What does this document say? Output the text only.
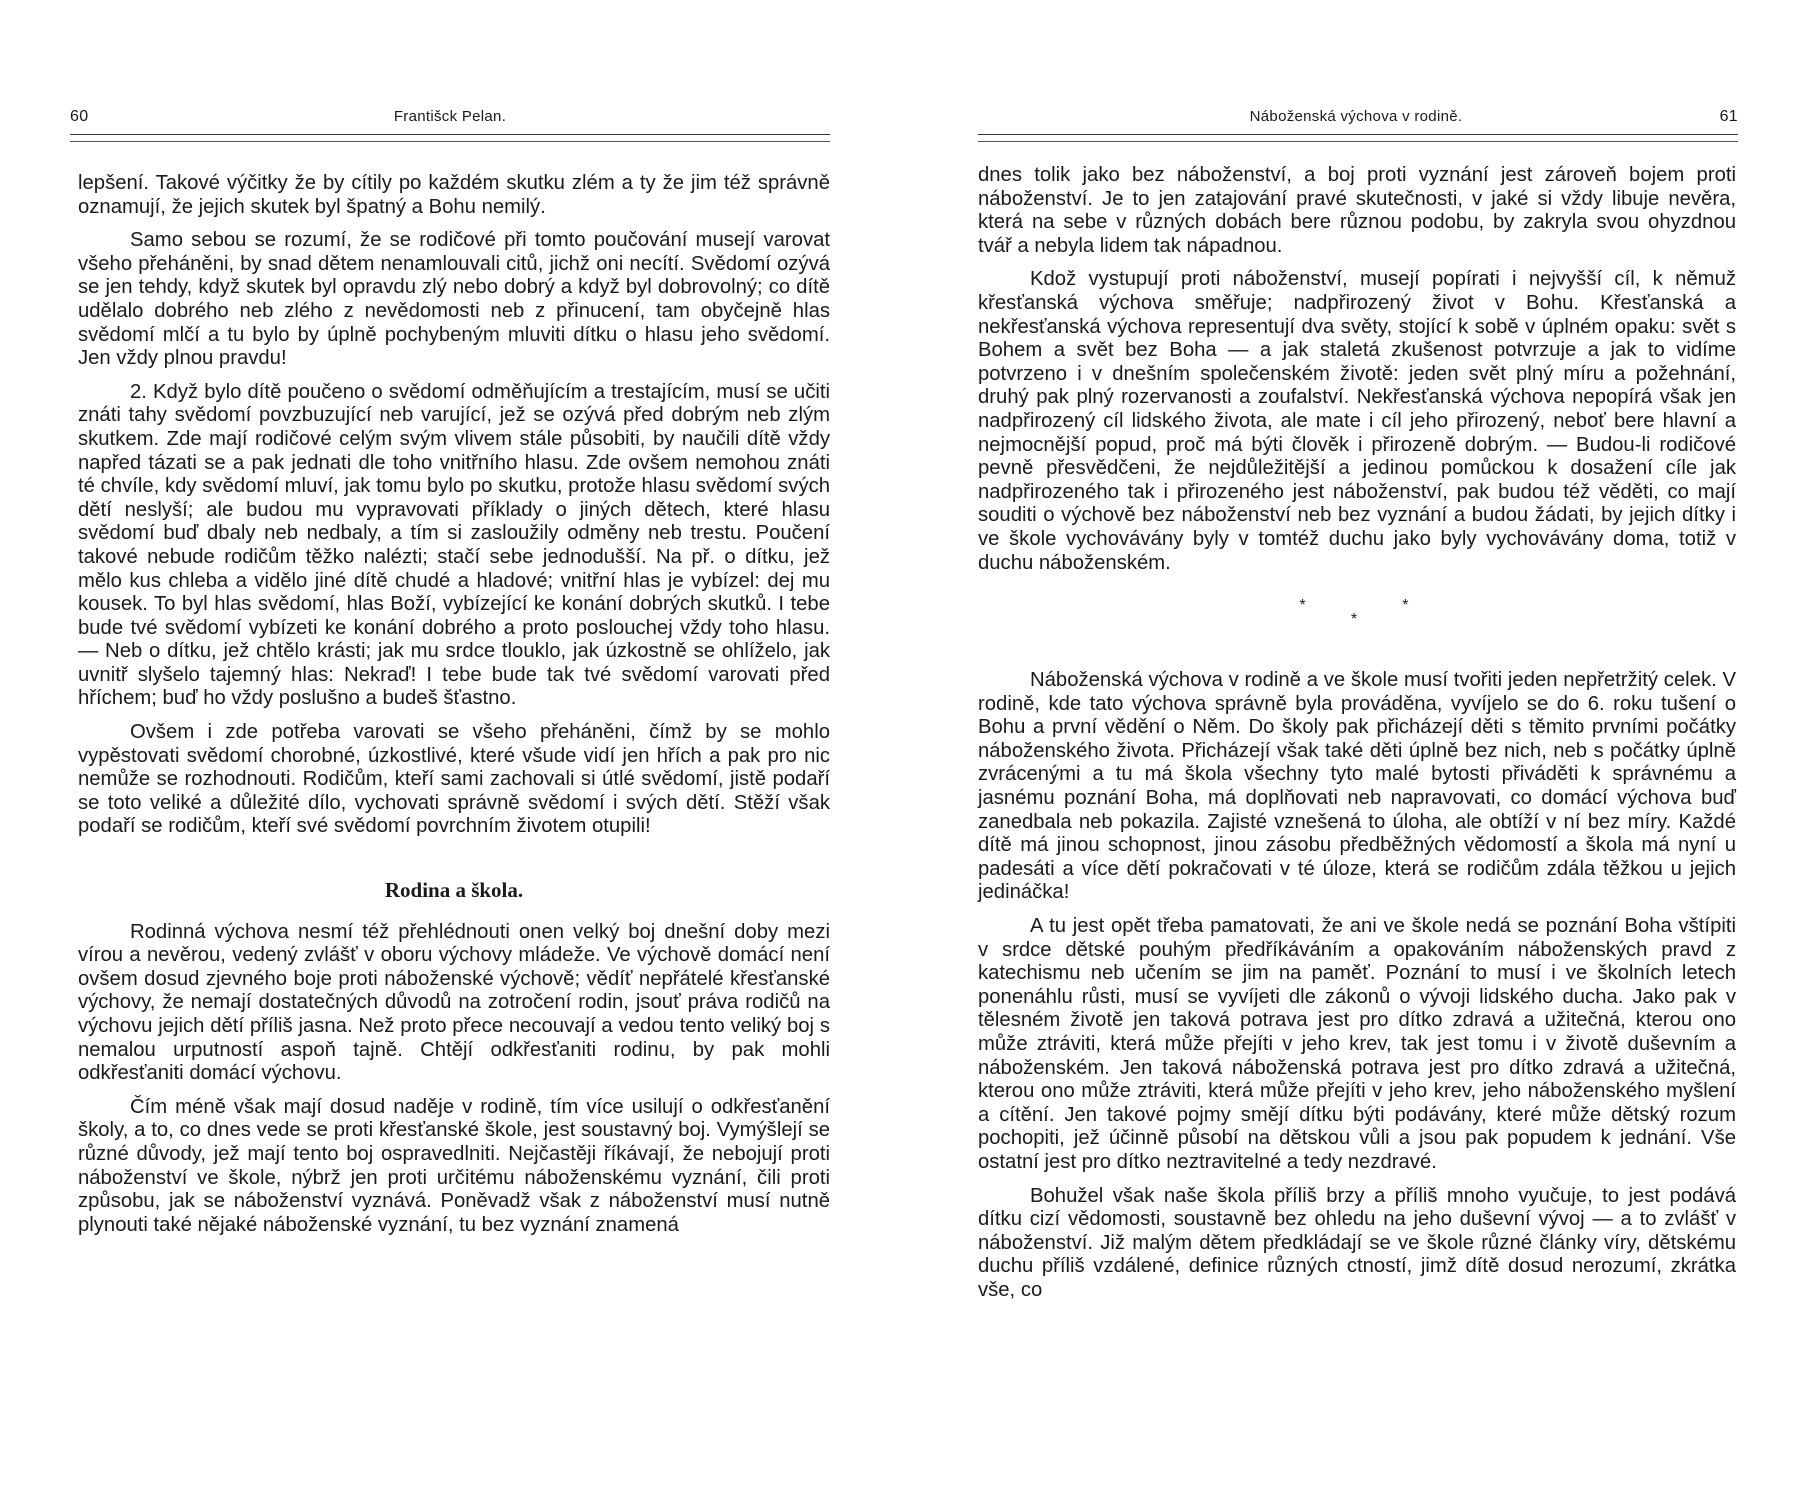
60	Františck Pelan.

lepšení. Takové výčitky že by cítily po každém skutku zlém a ty že jim též správně oznamují, že jejich skutek byl špatný a Bohu nemilý.

Samo sebou se rozumí, že se rodičové při tomto poučování musejí varovat všeho přeháněni, by snad dětem nenamlouvali citů, jichž oni necítí. Svědomí ozývá se jen tehdy, když skutek byl opravdu zlý nebo dobrý a když byl dobrovolný; co dítě udělalo dobrého neb zlého z nevědomosti neb z přinucení, tam obyčejně hlas svědomí mlčí a tu bylo by úplně pochybeným mluviti dítku o hlasu jeho svědomí. Jen vždy plnou pravdu!

2. Když bylo dítě poučeno o svědomí odměňujícím a trestajícím, musí se učiti znáti tahy svědomí povzbuzující neb varující, jež se ozývá před dobrým neb zlým skutkem. Zde mají rodičové celým svým vlivem stále působiti, by naučili dítě vždy napřed tázati se a pak jednati dle toho vnitřního hlasu. Zde ovšem nemohou znáti té chvíle, kdy svědomí mluví, jak tomu bylo po skutku, protože hlasu svědomí svých dětí neslyší; ale budou mu vypravovati příklady o jiných dětech, které hlasu svědomí buď dbaly neb nedbaly, a tím si zasloužily odměny neb trestu. Poučení takové nebude rodičům těžko nalézti; stačí sebe jednodušší. Na př. o dítku, jež mělo kus chleba a vidělo jiné dítě chudé a hladové; vnitřní hlas je vybízel: dej mu kousek. To byl hlas svědomí, hlas Boží, vybízející ke konání dobrých skutků. I tebe bude tvé svědomí vybízeti ke konání dobrého a proto poslouchej vždy toho hlasu. — Neb o dítku, jež chtělo krásti; jak mu srdce tlouklo, jak úzkostně se ohlíželo, jak uvnitř slyšelo tajemný hlas: Nekraď! I tebe bude tak tvé svědomí varovati před hříchem; buď ho vždy poslušno a budeš šťastno.

Ovšem i zde potřeba varovati se všeho přeháněni, čímž by se mohlo vypěstovati svědomí chorobné, úzkostlivé, které všude vidí jen hřích a pak pro nic nemůže se rozhodnouti. Rodičům, kteří sami zachovali si útlé svědomí, jistě podaří se toto veliké a důležité dílo, vychovati správně svědomí i svých dětí. Stěží však podaří se rodičům, kteří své svědomí povrchním životem otupili!

Rodina a škola.

Rodinná výchova nesmí též přehlédnouti onen velký boj dnešní doby mezi vírou a nevěrou, vedený zvlášť v oboru výchovy mládeže. Ve výchově domácí není ovšem dosud zjevného boje proti náboženské výchově; vědíť nepřátelé křesťanské výchovy, že nemají dostatečných důvodů na zotročení rodin, jsouť práva rodičů na výchovu jejich dětí příliš jasna. Než proto přece necouvají a vedou tento veliký boj s nemalou urputností aspoň tajně. Chtějí odkřesťaniti rodinu, by pak mohli odkřesťaniti domácí výchovu.

Čím méně však mají dosud naděje v rodině, tím více usilují o odkřesťanění školy, a to, co dnes vede se proti křesťanské škole, jest soustavný boj. Vymýšlejí se různé důvody, jež mají tento boj ospravedlniti. Nejčastěji říkávají, že nebojují proti náboženství ve škole, nýbrž jen proti určitému náboženskému vyznání, čili proti způsobu, jak se náboženství vyznává. Poněvadž však z náboženství musí nutně plynouti také nějaké náboženské vyznání, tu bez vyznání znamená

Náboženská výchova v rodině.	61

dnes tolik jako bez náboženství, a boj proti vyznání jest zároveň bojem proti náboženství. Je to jen zatajování pravé skutečnosti, v jaké si vždy libuje nevěra, která na sebe v různých dobách bere různou podobu, by zakryla svou ohyzdnou tvář a nebyla lidem tak nápadnou.

Kdož vystupují proti náboženství, musejí popírati i nejvyšší cíl, k němuž křesťanská výchova směřuje; nadpřirozený život v Bohu. Křesťanská a nekřesťanská výchova representují dva světy, stojící k sobě v úplném opaku: svět s Bohem a svět bez Boha — a jak staletá zkušenost potvrzuje a jak to vidíme potvrzeno i v dnešním společenském životě: jeden svět plný míru a požehnání, druhý pak plný rozervanosti a zoufalství. Nekřesťanská výchova nepopírá však jen nadpřirozený cíl lidského života, ale mate i cíl jeho přirozený, neboť bere hlavní a nejmocnější popud, proč má býti člověk i přirozeně dobrým. — Budou-li rodičové pevně přesvědčeni, že nejdůležitější a jedinou pomůckou k dosažení cíle jak nadpřirozeného tak i přirozeného jest náboženství, pak budou též věděti, co mají souditi o výchově bez náboženství neb bez vyznání a budou žádati, by jejich dítky i ve škole vychovávány byly v tomtéž duchu jako byly vychovávány doma, totiž v duchu náboženském.

* *
*

Náboženská výchova v rodině a ve škole musí tvořiti jeden nepřetržitý celek. V rodině, kde tato výchova správně byla prováděna, vyvíjelo se do 6. roku tušení o Bohu a první vědění o Něm. Do školy pak přicházejí děti s těmito prvními počátky náboženského života. Přicházejí však také děti úplně bez nich, neb s počátky úplně zvrácenými a tu má škola všechny tyto malé bytosti přiváděti k správnému a jasnému poznání Boha, má doplňovati neb napravovati, co domácí výchova buď zanedbala neb pokazila. Zajisté vznešená to úloha, ale obtíží v ní bez míry. Každé dítě má jinou schopnost, jinou zásobu předběžných vědomostí a škola má nyní u padesáti a více dětí pokračovati v té úloze, která se rodičům zdála těžkou u jejich jedináčka!

A tu jest opět třeba pamatovati, že ani ve škole nedá se poznání Boha vštípiti v srdce dětské pouhým předříkáváním a opakováním náboženských pravd z katechismu neb učením se jim na paměť. Poznání to musí i ve školních letech ponenáhlu růsti, musí se vyvíjeti dle zákonů o vývoji lidského ducha. Jako pak v tělesném životě jen taková potrava jest pro dítko zdravá a užitečná, kterou ono může ztráviti, která může přejíti v jeho krev, tak jest tomu i v životě duševním a náboženském. Jen taková náboženská potrava jest pro dítko zdravá a užitečná, kterou ono může ztráviti, která může přejíti v jeho krev, jeho náboženského myšlení a cítění. Jen takové pojmy smějí dítku býti podávány, které může dětský rozum pochopiti, jež účinně působí na dětskou vůli a jsou pak popudem k jednání. Vše ostatní jest pro dítko neztravitelné a tedy nezdravé.

Bohužel však naše škola příliš brzy a příliš mnoho vyučuje, to jest podává dítku cizí vědomosti, soustavně bez ohledu na jeho duševní vývoj — a to zvlášť v náboženství. Již malým dětem předkládají se ve škole různé články víry, dětskému duchu příliš vzdálené, definice různých ctností, jimž dítě dosud nerozumí, zkrátka vše, co
